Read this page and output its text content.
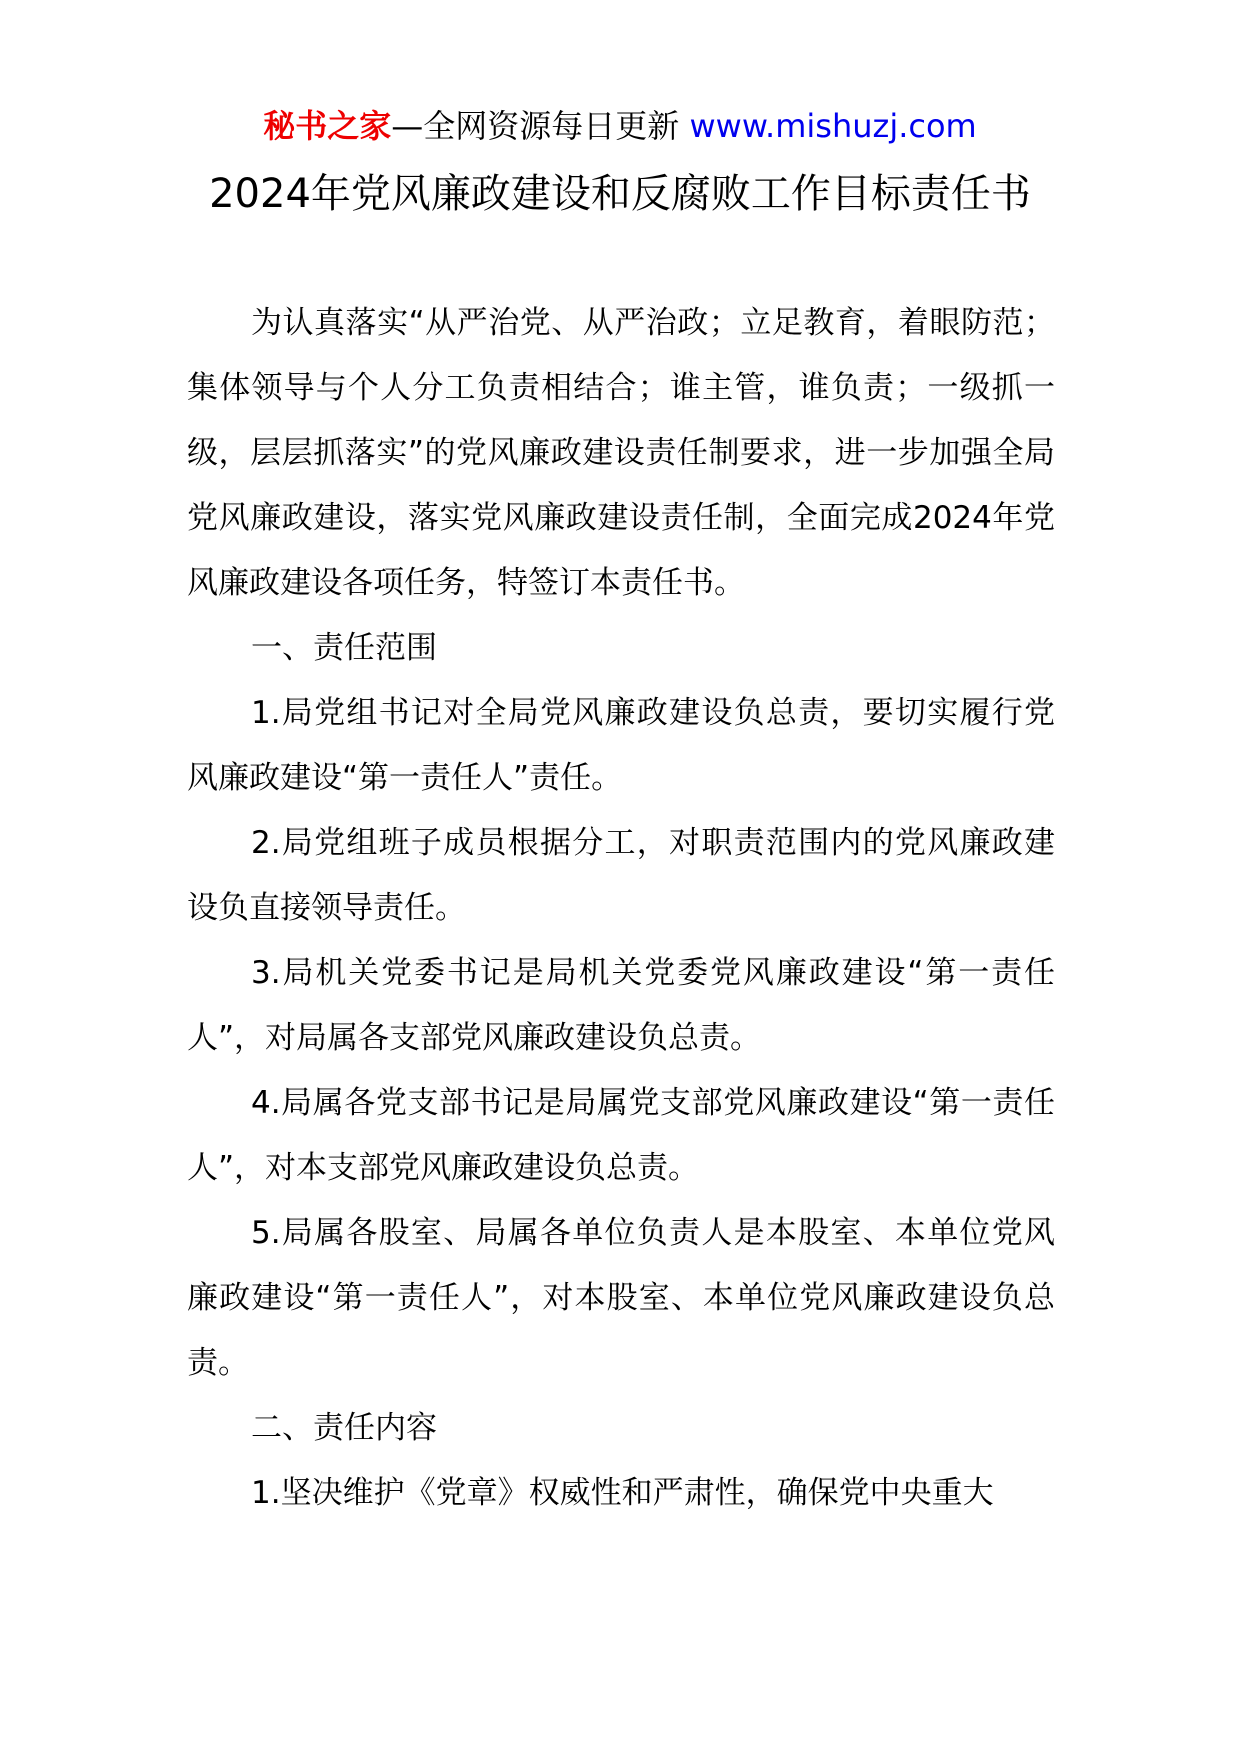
秘书之家—全网资源每日更新 www.mishuzj.com
2024年党风廉政建设和反腐败工作目标责任书

为认真落实“从严治党、从严治政；立足教育，着眼防范；集体领导与个人分工负责相结合；谁主管，谁负责；一级抓一级，层层抓落实”的党风廉政建设责任制要求，进一步加强全局党风廉政建设，落实党风廉政建设责任制，全面完成2024年党风廉政建设各项任务，特签订本责任书。

一、责任范围

1.局党组书记对全局党风廉政建设负总责，要切实履行党风廉政建设“第一责任人”责任。

2.局党组班子成员根据分工，对职责范围内的党风廉政建设负直接领导责任。

3.局机关党委书记是局机关党委党风廉政建设“第一责任人”，对局属各支部党风廉政建设负总责。

4.局属各党支部书记是局属党支部党风廉政建设“第一责任人”，对本支部党风廉政建设负总责。

5.局属各股室、局属各单位负责人是本股室、本单位党风廉政建设“第一责任人”，对本股室、本单位党风廉政建设负总责。

二、责任内容

1.坚决维护《党章》权威性和严肃性，确保党中央重大
